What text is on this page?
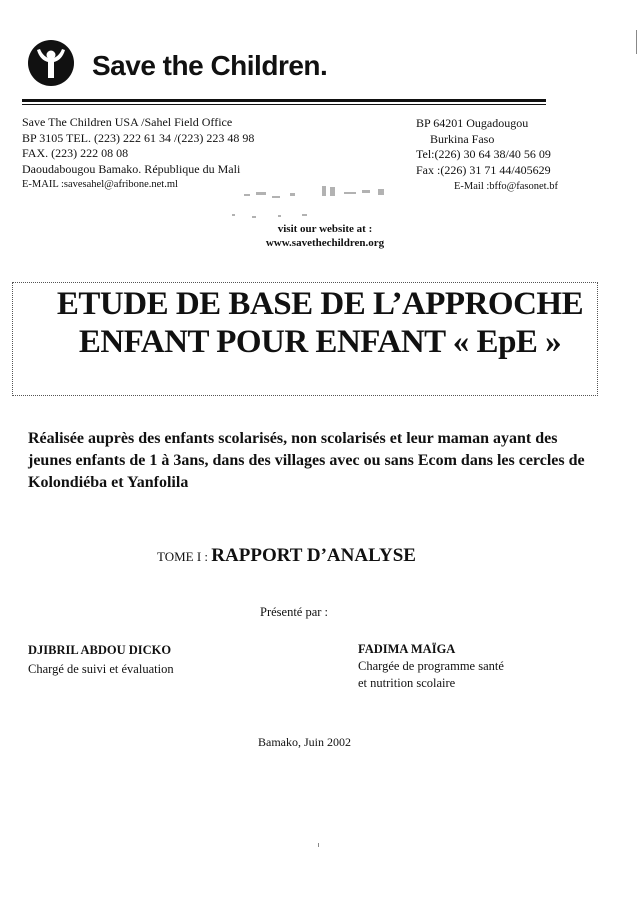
Save the Children.
Save The Children USA /Sahel Field Office
BP 3105 TEL. (223) 222 61 34 /(223) 223 48 98
FAX. (223) 222 08 08
Daoudabougou Bamako. République du Mali
E-MAIL :savesahel@afribone.net.ml
BP 64201 Ougadougou
Burkina Faso
Tel:(226) 30 64 38/40 56 09
Fax :(226) 31 71 44/405629
E-Mail :bffo@fasonet.bf
visit our website at :
www.savethechildren.org
ETUDE DE BASE DE L’APPROCHE
ENFANT POUR ENFANT « EpE »
Réalisée auprès des enfants scolarisés, non scolarisés et leur maman ayant des jeunes enfants de 1 à 3ans, dans des villages avec ou sans Ecom dans les cercles de Kolondiéba et Yanfolila
TOME I : RAPPORT D’ANALYSE
Présenté par :
DJIBRIL ABDOU DICKO
Chargé de suivi et évaluation
FADIMA MAÏGA
Chargée de programme santé
et nutrition scolaire
Bamako, Juin 2002
